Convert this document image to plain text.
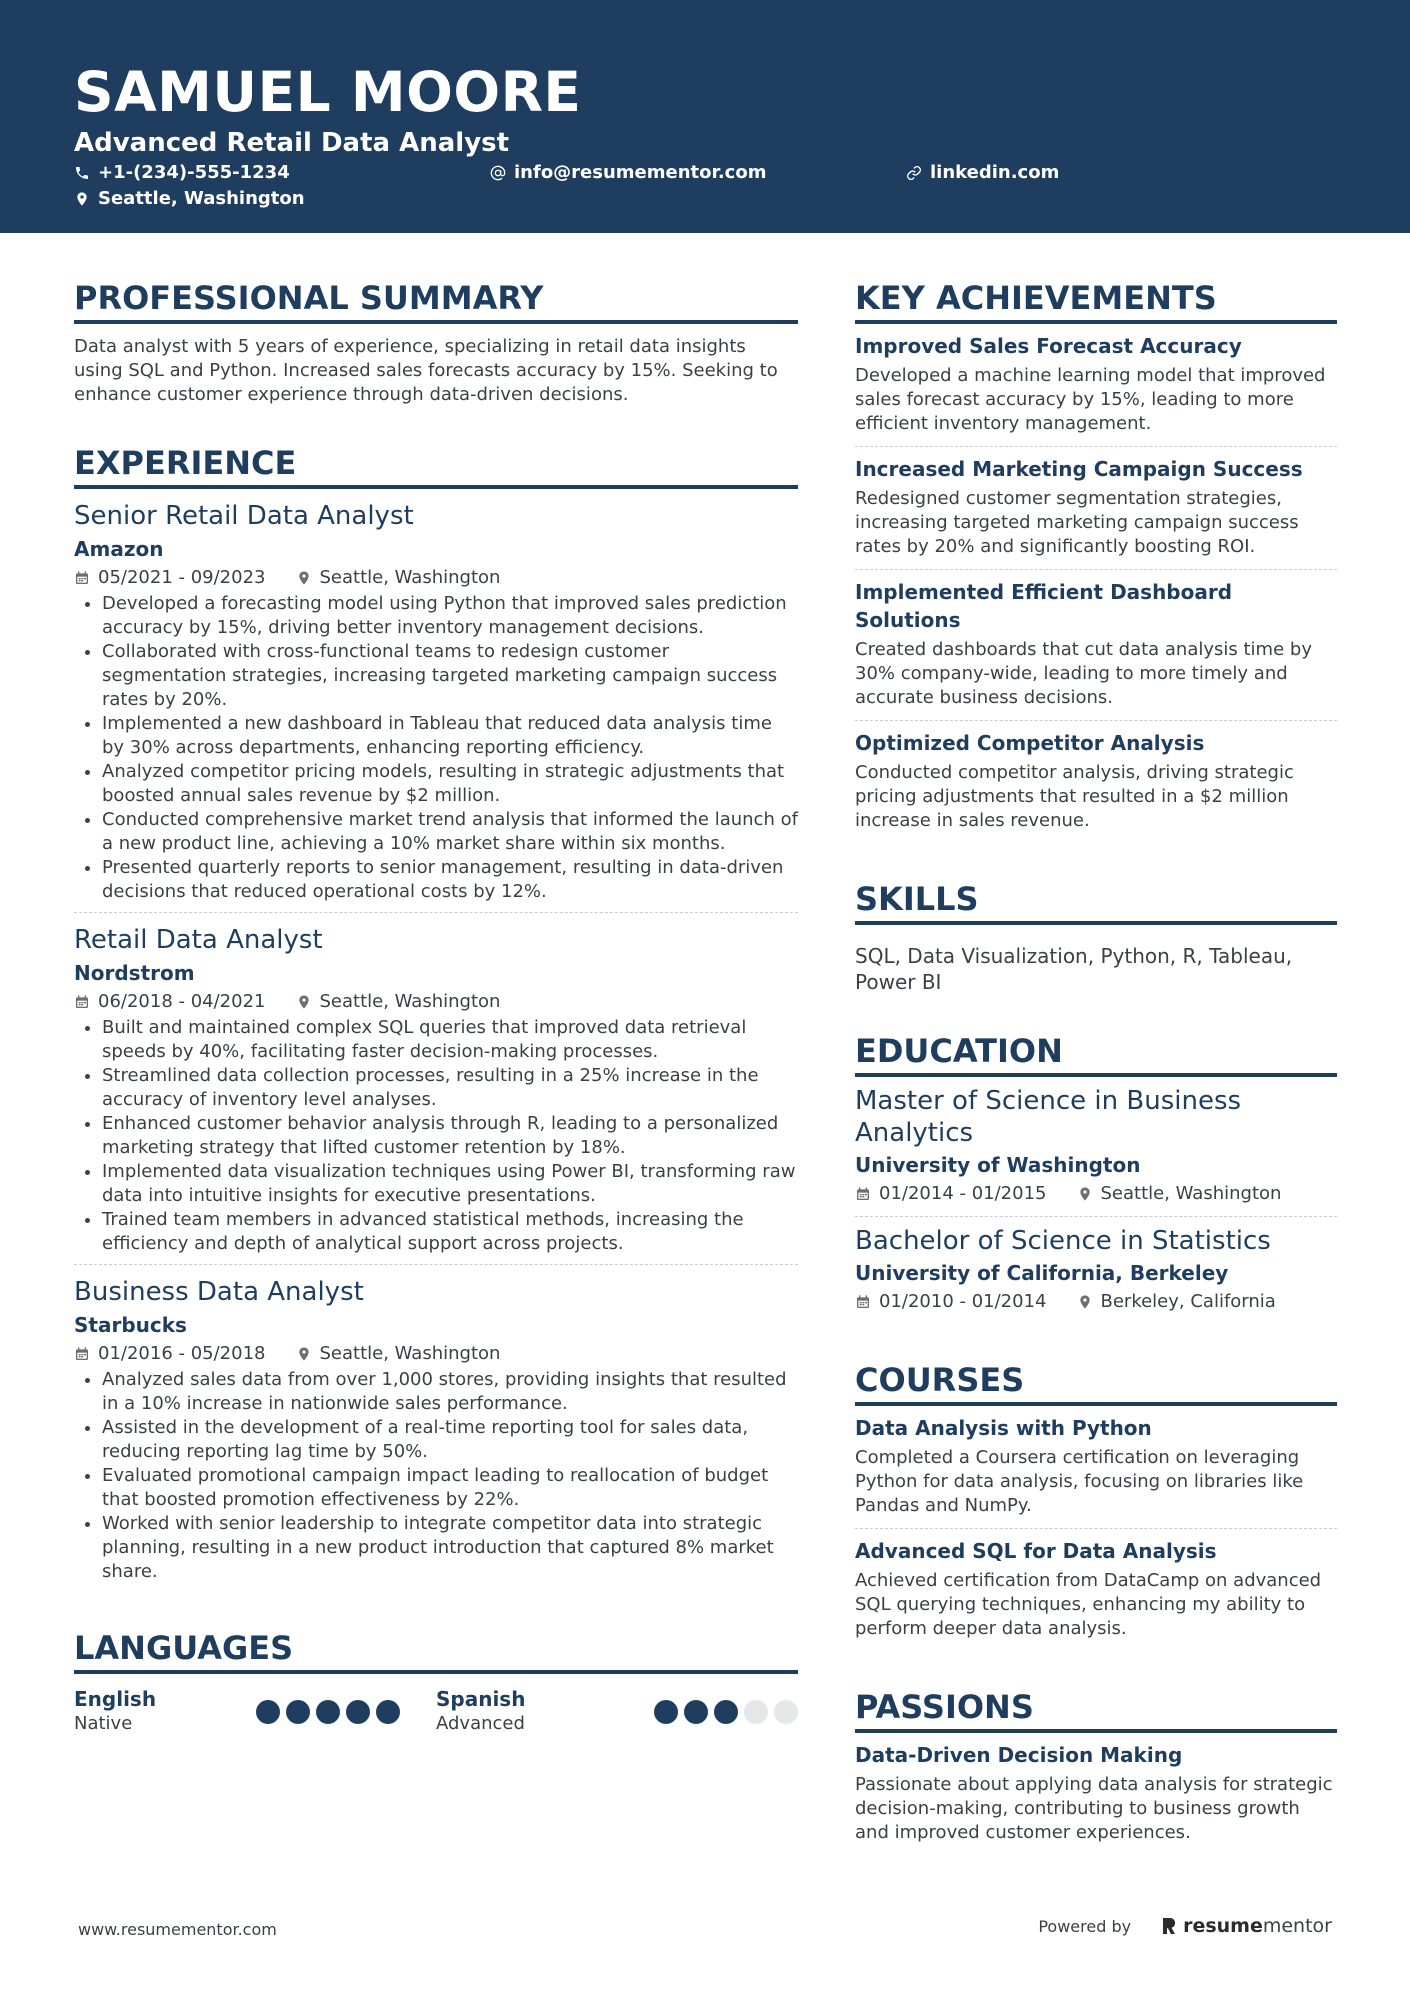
SAMUEL MOORE
Advanced Retail Data Analyst
+1-(234)-555-1234	info@resumementor.com	linkedin.com
Seattle, Washington
PROFESSIONAL SUMMARY
Data analyst with 5 years of experience, specializing in retail data insights using SQL and Python. Increased sales forecasts accuracy by 15%. Seeking to enhance customer experience through data-driven decisions.
EXPERIENCE
Senior Retail Data Analyst
Amazon
05/2021 - 09/2023	Seattle, Washington
• Developed a forecasting model using Python that improved sales prediction accuracy by 15%, driving better inventory management decisions.
• Collaborated with cross-functional teams to redesign customer segmentation strategies, increasing targeted marketing campaign success rates by 20%.
• Implemented a new dashboard in Tableau that reduced data analysis time by 30% across departments, enhancing reporting efficiency.
• Analyzed competitor pricing models, resulting in strategic adjustments that boosted annual sales revenue by $2 million.
• Conducted comprehensive market trend analysis that informed the launch of a new product line, achieving a 10% market share within six months.
• Presented quarterly reports to senior management, resulting in data-driven decisions that reduced operational costs by 12%.
Retail Data Analyst
Nordstrom
06/2018 - 04/2021	Seattle, Washington
• Built and maintained complex SQL queries that improved data retrieval speeds by 40%, facilitating faster decision-making processes.
• Streamlined data collection processes, resulting in a 25% increase in the accuracy of inventory level analyses.
• Enhanced customer behavior analysis through R, leading to a personalized marketing strategy that lifted customer retention by 18%.
• Implemented data visualization techniques using Power BI, transforming raw data into intuitive insights for executive presentations.
• Trained team members in advanced statistical methods, increasing the efficiency and depth of analytical support across projects.
Business Data Analyst
Starbucks
01/2016 - 05/2018	Seattle, Washington
• Analyzed sales data from over 1,000 stores, providing insights that resulted in a 10% increase in nationwide sales performance.
• Assisted in the development of a real-time reporting tool for sales data, reducing reporting lag time by 50%.
• Evaluated promotional campaign impact leading to reallocation of budget that boosted promotion effectiveness by 22%.
• Worked with senior leadership to integrate competitor data into strategic planning, resulting in a new product introduction that captured 8% market share.
LANGUAGES
English
Native
Spanish
Advanced
KEY ACHIEVEMENTS
Improved Sales Forecast Accuracy
Developed a machine learning model that improved sales forecast accuracy by 15%, leading to more efficient inventory management.
Increased Marketing Campaign Success
Redesigned customer segmentation strategies, increasing targeted marketing campaign success rates by 20% and significantly boosting ROI.
Implemented Efficient Dashboard Solutions
Created dashboards that cut data analysis time by 30% company-wide, leading to more timely and accurate business decisions.
Optimized Competitor Analysis
Conducted competitor analysis, driving strategic pricing adjustments that resulted in a $2 million increase in sales revenue.
SKILLS
SQL, Data Visualization, Python, R, Tableau, Power BI
EDUCATION
Master of Science in Business Analytics
University of Washington
01/2014 - 01/2015	Seattle, Washington
Bachelor of Science in Statistics
University of California, Berkeley
01/2010 - 01/2014	Berkeley, California
COURSES
Data Analysis with Python
Completed a Coursera certification on leveraging Python for data analysis, focusing on libraries like Pandas and NumPy.
Advanced SQL for Data Analysis
Achieved certification from DataCamp on advanced SQL querying techniques, enhancing my ability to perform deeper data analysis.
PASSIONS
Data-Driven Decision Making
Passionate about applying data analysis for strategic decision-making, contributing to business growth and improved customer experiences.
www.resumementor.com	Powered by	resume mentor
